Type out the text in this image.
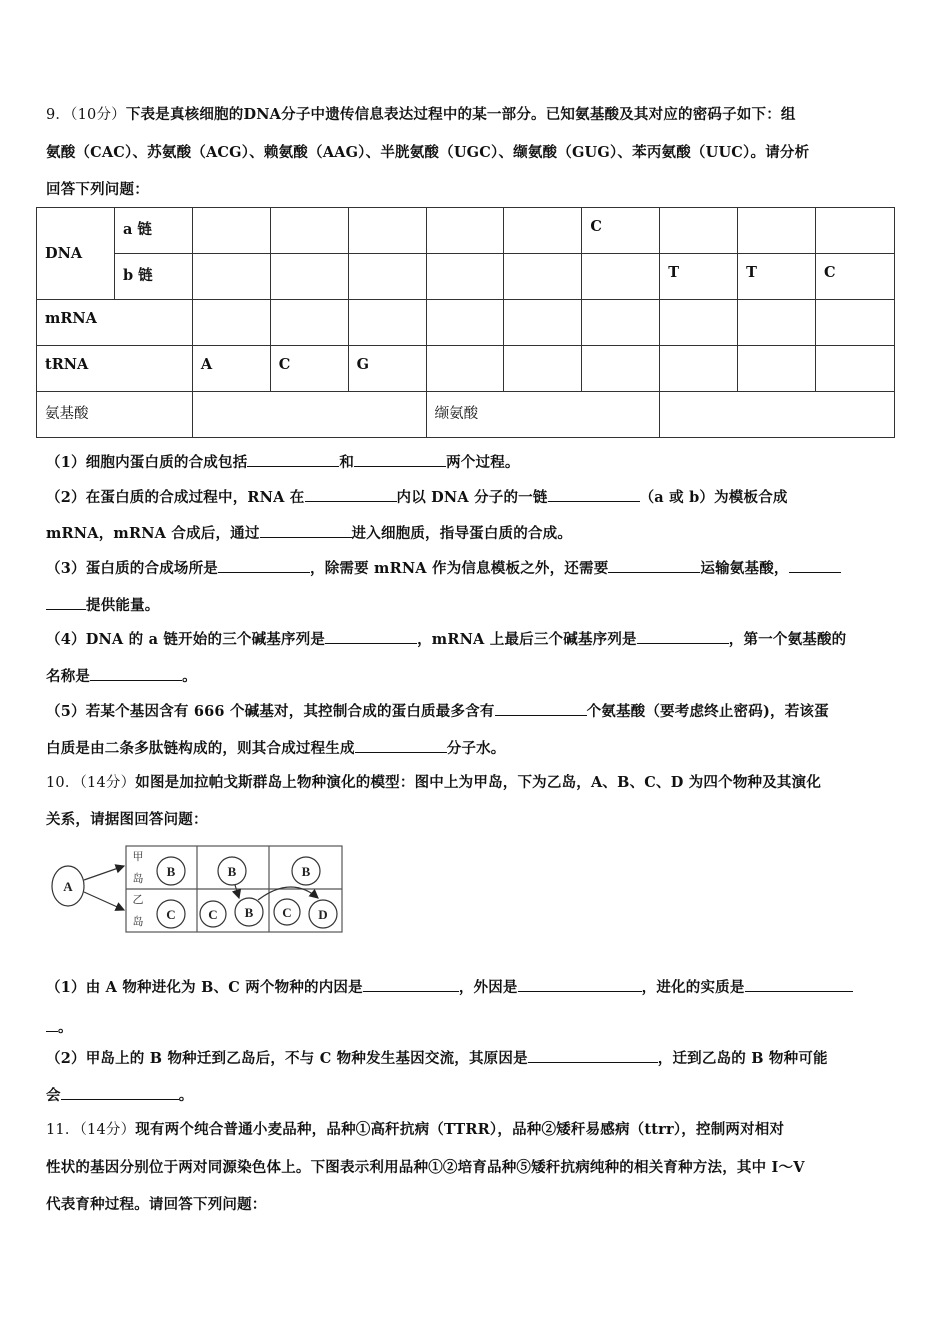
9．（10分）下表是真核细胞的DNA分子中遗传信息表达过程中的某一部分。已知氨基酸及其对应的密码子如下：组
氨酸（CAC）、苏氨酸（ACG）、赖氨酸（AAG）、半胱氨酸（UGC）、缬氨酸（GUG）、苯丙氨酸（UUC）。请分析
回答下列问题：
DNA	a 链						C			
	b 链							T	T	C
mRNA										
tRNA		A	C	G						
氨基酸					缬氨酸					
（1）细胞内蛋白质的合成包括	和	两个过程。
（2）在蛋白质的合成过程中，RNA 在	内以 DNA 分子的一链	（a 或 b）为模板合成
mRNA，mRNA 合成后，通过	进入细胞质，指导蛋白质的合成。
（3）蛋白质的合成场所是	，除需要 mRNA 作为信息模板之外，还需要	运输氨基酸，
提供能量。
（4）DNA 的 a 链开始的三个碱基序列是	，mRNA 上最后三个碱基序列是	，第一个氨基酸的
名称是	。
（5）若某个基因含有 666 个碱基对，其控制合成的蛋白质最多含有	个氨基酸（要考虑终止密码)，若该蛋
白质是由二条多肽链构成的，则其合成过程生成	分子水。
10．（14分）如图是加拉帕戈斯群岛上物种演化的模型：图中上为甲岛，下为乙岛，A、B、C、D 为四个物种及其演化
关系，请据图回答问题：
A
B	B	B
C	C B C D
甲
岛
乙
岛
（1）由 A 物种进化为 B、C 两个物种的内因是	，外因是	，进化的实质是
。
（2）甲岛上的 B 物种迁到乙岛后，不与 C 物种发生基因交流，其原因是	，迁到乙岛的 B 物种可能
会	。
11．（14分）现有两个纯合普通小麦品种，品种①高秆抗病（TTRR），品种②矮秆易感病（ttrr），控制两对相对
性状的基因分别位于两对同源染色体上。下图表示利用品种①②培育品种⑤矮秆抗病纯种的相关育种方法，其中 I～V
代表育种过程。请回答下列问题：
